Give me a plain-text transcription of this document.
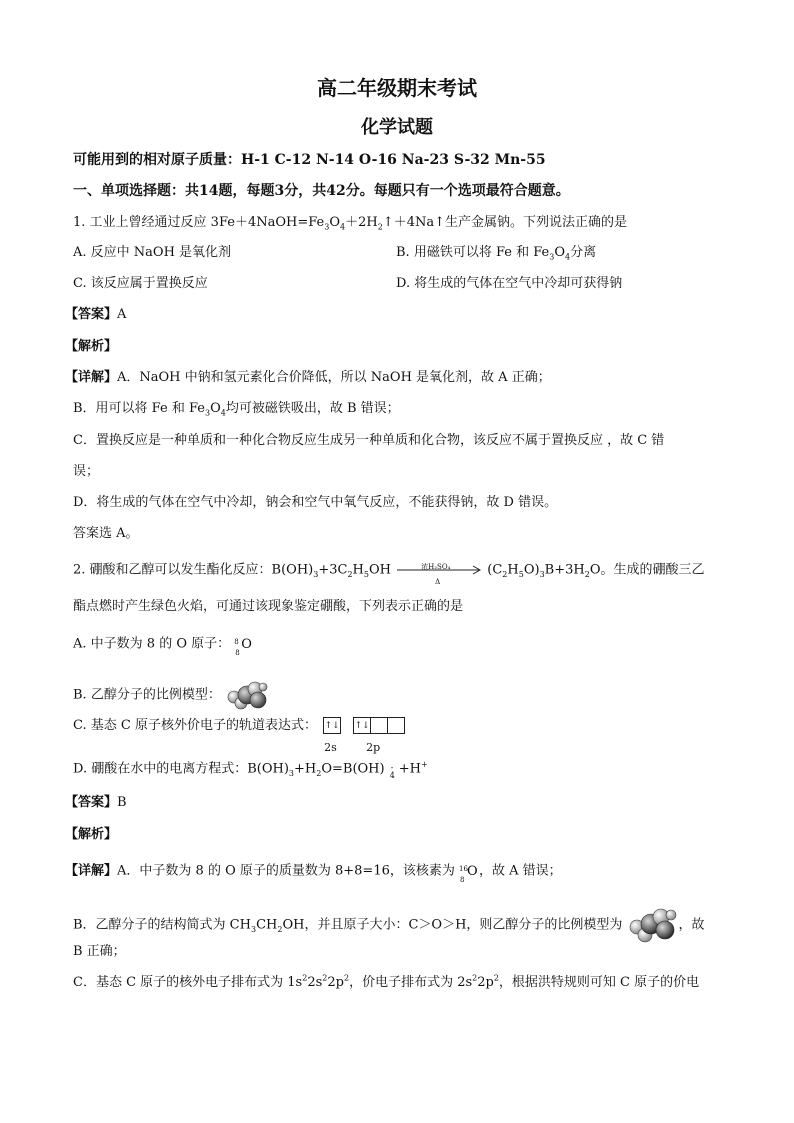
高二年级期末考试
化学试题
可能用到的相对原子质量：H-1 C-12 N-14 O-16 Na-23 S-32 Mn-55
一、单项选择题：共14题，每题3分，共42分。每题只有一个选项最符合题意。
1. 工业上曾经通过反应 $3Fe+4NaOH=Fe_3O_4+2H_2↑+4Na↑$生产金属钠。下列说法正确的是
A. 反应中 NaOH 是氧化剂	B. 用磁铁可以将 Fe 和 $Fe_3O_4$分离
C. 该反应属于置换反应	D. 将生成的气体在空气中冷却可获得钠
【答案】A
【解析】
【详解】A．NaOH 中钠和氢元素化合价降低，所以 NaOH 是氧化剂，故 A 正确；
B．用可以将 Fe 和 $Fe_3O_4$均可被磁铁吸出，故 B 错误；
C．置换反应是一种单质和一种化合物反应生成另一种单质和化合物，该反应不属于置换反应 ，故 C 错
误；
D．将生成的气体在空气中冷却，钠会和空气中氧气反应，不能获得钠，故 D 错误。
答案选 A。
2. 硼酸和乙醇可以发生酯化反应：$B(OH)_3+3C_2H_5OH$	浓H₂SO₄
Δ
$(C_2H_5O)_3B+3H_2O$。生成的硼酸三乙
酯点燃时产生绿色火焰，可通过该现象鉴定硼酸，下列表示正确的是
A. 中子数为 8 的 O 原子： 8
8
O
B. 乙醇分子的比例模型：
C. 基态 C 原子核外价电子的轨道表达式： ↑↓ ↑↓
2s	2p
D. 硼酸在水中的电离方程式：$B(OH)_3+H_2O=B(OH)$ -
4 +H+
【答案】B
【解析】
【详解】A．中子数为 8 的 O 原子的质量数为 8+8=16，该核素为 16
8
O ，故 A 错误；
B．乙醇分子的结构简式为 $CH_3CH_2OH$，并且原子大小：C＞O＞H，则乙醇分子的比例模型为	，故
B 正确；
C．基态 C 原子的核外电子排布式为 $1s^22s^22p^2$，价电子排布式为 $2s^22p^2$，根据洪特规则可知 C 原子的价电
